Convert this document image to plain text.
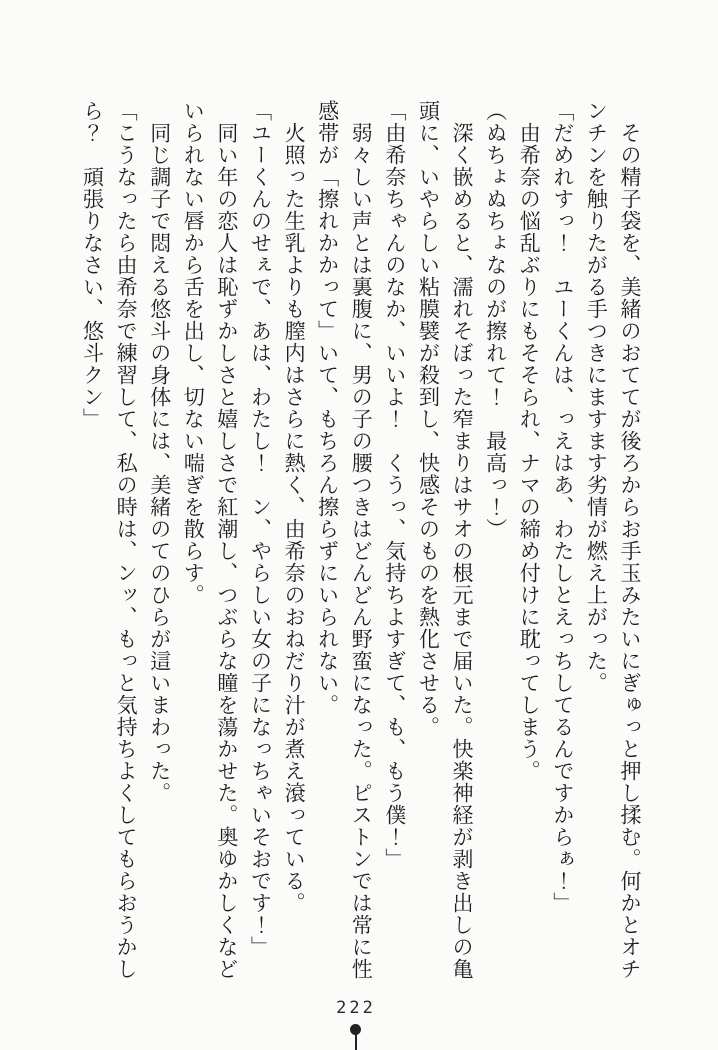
その精子袋を、美緒のおててが後ろからお手玉みたいにぎゅっと押し揉む。何かとオチンチンを触りたがる手つきにますます劣情が燃え上がった。

「だめれすっ！　ユーくんは、っえはあ、わたしとえっちしてるんですからぁ！」

由希奈の悩乱ぶりにもそそられ、ナマの締め付けに耽ってしまう。

（ぬちょぬちょなのが擦れて！　最高っ！）

深く嵌めると、濡れそぼった窄まりはサオの根元まで届いた。快楽神経が剥き出しの亀頭に、いやらしい粘膜襞が殺到し、快感そのものを熱化させる。

「由希奈ちゃんのなか、いいよ！　くうっ、気持ちよすぎて、も、もう僕！」

弱々しい声とは裏腹に、男の子の腰つきはどんどん野蛮になった。ピストンでは常に性感帯が「擦れかかって」いて、もちろん擦らずにいられない。

火照った生乳よりも膣内はさらに熱く、由希奈のおねだり汁が煮え滾っている。

「ユーくんのせぇで、あは、わたし！　ン、やらしい女の子になっちゃいそおです！」

同い年の恋人は恥ずかしさと嬉しさで紅潮し、つぶらな瞳を蕩かせた。奥ゆかしくなどいられない唇から舌を出し、切ない喘ぎを散らす。

同じ調子で悶える悠斗の身体には、美緒のてのひらが這いまわった。

「こうなったら由希奈で練習して、私の時は、ンッ、もっと気持ちよくしてもらおうかしら？　頑張りなさい、悠斗クン」

222
